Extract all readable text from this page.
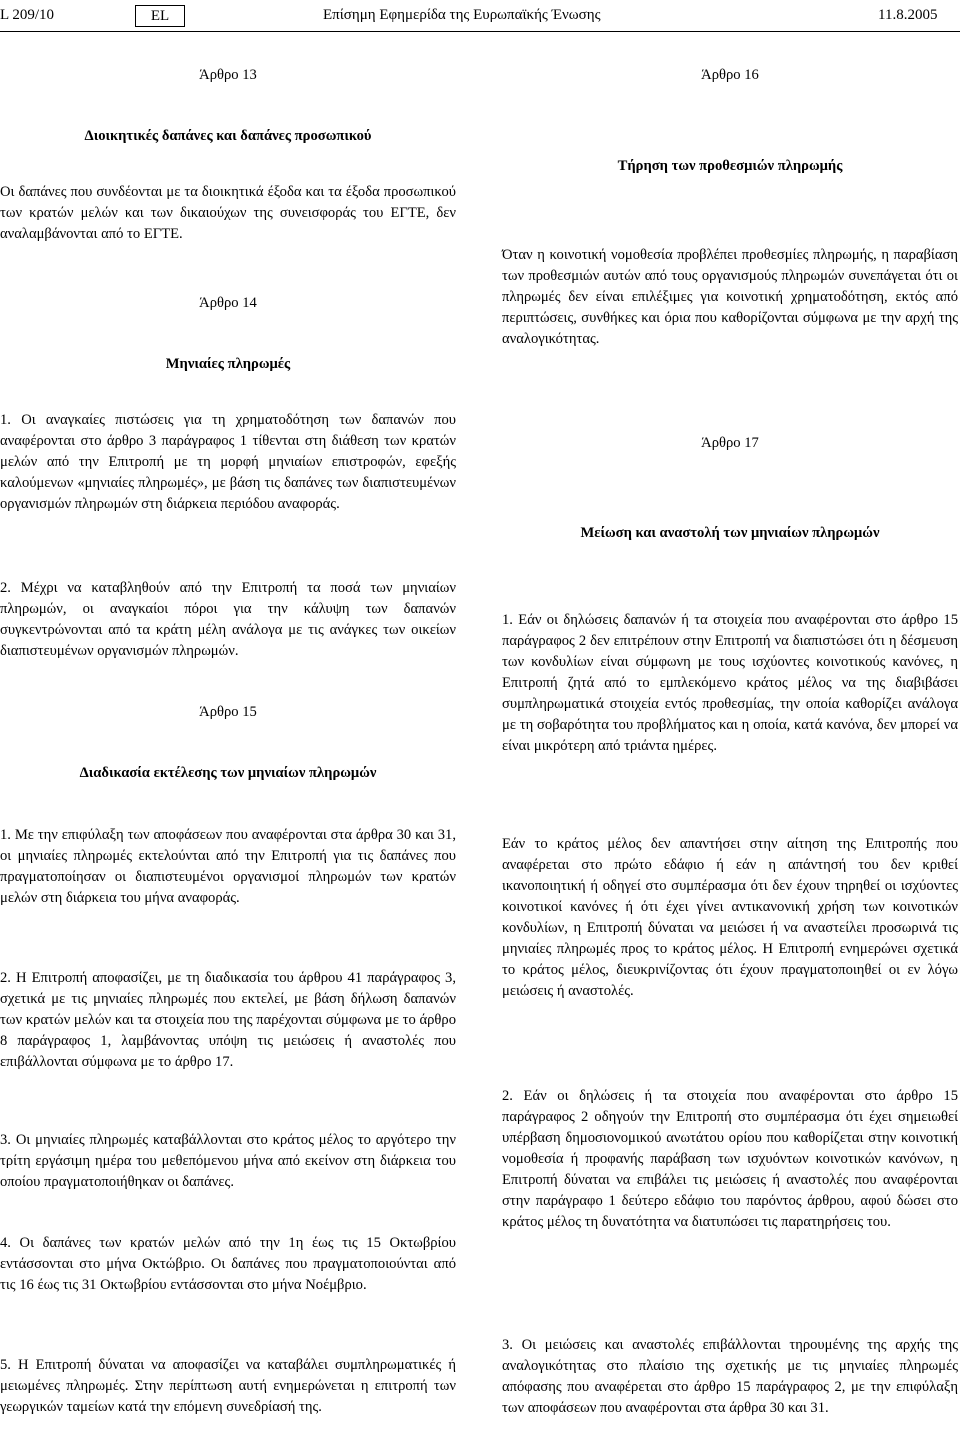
L 209/10	EL	Επίσημη Εφημερίδα της Ευρωπαϊκής Ένωσης	11.8.2005
Άρθρο 13
Διοικητικές δαπάνες και δαπάνες προσωπικού

Οι δαπάνες που συνδέονται με τα διοικητικά έξοδα και τα έξοδα προσωπικού των κρατών μελών και των δικαιούχων της συνεισφοράς του ΕΓΤΕ, δεν αναλαμβάνονται από το ΕΓΤΕ.

Άρθρο 14
Μηνιαίες πληρωμές

1. Οι αναγκαίες πιστώσεις για τη χρηματοδότηση των δαπανών που αναφέρονται στο άρθρο 3 παράγραφος 1 τίθενται στη διάθεση των κρατών μελών από την Επιτροπή με τη μορφή μηνιαίων επιστροφών, εφεξής καλούμενων «μηνιαίες πληρωμές», με βάση τις δαπάνες των διαπιστευμένων οργανισμών πληρωμών στη διάρκεια περιόδου αναφοράς.

2. Μέχρι να καταβληθούν από την Επιτροπή τα ποσά των μηνιαίων πληρωμών, οι αναγκαίοι πόροι για την κάλυψη των δαπανών συγκεντρώνονται από τα κράτη μέλη ανάλογα με τις ανάγκες των οικείων διαπιστευμένων οργανισμών πληρωμών.

Άρθρο 15
Διαδικασία εκτέλεσης των μηνιαίων πληρωμών

1. Με την επιφύλαξη των αποφάσεων που αναφέρονται στα άρθρα 30 και 31, οι μηνιαίες πληρωμές εκτελούνται από την Επιτροπή για τις δαπάνες που πραγματοποίησαν οι διαπιστευμένοι οργανισμοί πληρωμών των κρατών μελών στη διάρκεια του μήνα αναφοράς.

2. Η Επιτροπή αποφασίζει, με τη διαδικασία του άρθρου 41 παράγραφος 3, σχετικά με τις μηνιαίες πληρωμές που εκτελεί, με βάση δήλωση δαπανών των κρατών μελών και τα στοιχεία που της παρέχονται σύμφωνα με το άρθρο 8 παράγραφος 1, λαμβάνοντας υπόψη τις μειώσεις ή αναστολές που επιβάλλονται σύμφωνα με το άρθρο 17.

3. Οι μηνιαίες πληρωμές καταβάλλονται στο κράτος μέλος το αργότερο την τρίτη εργάσιμη ημέρα του μεθεπόμενου μήνα από εκείνον στη διάρκεια του οποίου πραγματοποιήθηκαν οι δαπάνες.

4. Οι δαπάνες των κρατών μελών από την 1η έως τις 15 Οκτωβρίου εντάσσονται στο μήνα Οκτώβριο. Οι δαπάνες που πραγματοποιούνται από τις 16 έως τις 31 Οκτωβρίου εντάσσονται στο μήνα Νοέμβριο.

5. Η Επιτροπή δύναται να αποφασίζει να καταβάλει συμπληρωματικές ή μειωμένες πληρωμές. Στην περίπτωση αυτή ενημερώνεται η επιτροπή των γεωργικών ταμείων κατά την επόμενη συνεδρίασή της.

Άρθρο 16
Τήρηση των προθεσμιών πληρωμής

Όταν η κοινοτική νομοθεσία προβλέπει προθεσμίες πληρωμής, η παραβίαση των προθεσμιών αυτών από τους οργανισμούς πληρωμών συνεπάγεται ότι οι πληρωμές δεν είναι επιλέξιμες για κοινοτική χρηματοδότηση, εκτός από περιπτώσεις, συνθήκες και όρια που καθορίζονται σύμφωνα με την αρχή της αναλογικότητας.

Άρθρο 17
Μείωση και αναστολή των μηνιαίων πληρωμών

1. Εάν οι δηλώσεις δαπανών ή τα στοιχεία που αναφέρονται στο άρθρο 15 παράγραφος 2 δεν επιτρέπουν στην Επιτροπή να διαπιστώσει ότι η δέσμευση των κονδυλίων είναι σύμφωνη με τους ισχύοντες κοινοτικούς κανόνες, η Επιτροπή ζητά από το εμπλεκόμενο κράτος μέλος να της διαβιβάσει συμπληρωματικά στοιχεία εντός προθεσμίας, την οποία καθορίζει ανάλογα με τη σοβαρότητα του προβλήματος και η οποία, κατά κανόνα, δεν μπορεί να είναι μικρότερη από τριάντα ημέρες.

Εάν το κράτος μέλος δεν απαντήσει στην αίτηση της Επιτροπής που αναφέρεται στο πρώτο εδάφιο ή εάν η απάντησή του δεν κριθεί ικανοποιητική ή οδηγεί στο συμπέρασμα ότι δεν έχουν τηρηθεί οι ισχύοντες κοινοτικοί κανόνες ή ότι έχει γίνει αντικανονική χρήση των κοινοτικών κονδυλίων, η Επιτροπή δύναται να μειώσει ή να αναστείλει προσωρινά τις μηνιαίες πληρωμές προς το κράτος μέλος. Η Επιτροπή ενημερώνει σχετικά το κράτος μέλος, διευκρινίζοντας ότι έχουν πραγματοποιηθεί οι εν λόγω μειώσεις ή αναστολές.

2. Εάν οι δηλώσεις ή τα στοιχεία που αναφέρονται στο άρθρο 15 παράγραφος 2 οδηγούν την Επιτροπή στο συμπέρασμα ότι έχει σημειωθεί υπέρβαση δημοσιονομικού ανωτάτου ορίου που καθορίζεται στην κοινοτική νομοθεσία ή προφανής παράβαση των ισχυόντων κοινοτικών κανόνων, η Επιτροπή δύναται να επιβάλει τις μειώσεις ή αναστολές που αναφέρονται στην παράγραφο 1 δεύτερο εδάφιο του παρόντος άρθρου, αφού δώσει στο κράτος μέλος τη δυνατότητα να διατυπώσει τις παρατηρήσεις του.

3. Οι μειώσεις και αναστολές επιβάλλονται τηρουμένης της αρχής της αναλογικότητας στο πλαίσιο της σχετικής με τις μηνιαίες πληρωμές απόφασης που αναφέρεται στο άρθρο 15 παράγραφος 2, με την επιφύλαξη των αποφάσεων που αναφέρονται στα άρθρα 30 και 31.
